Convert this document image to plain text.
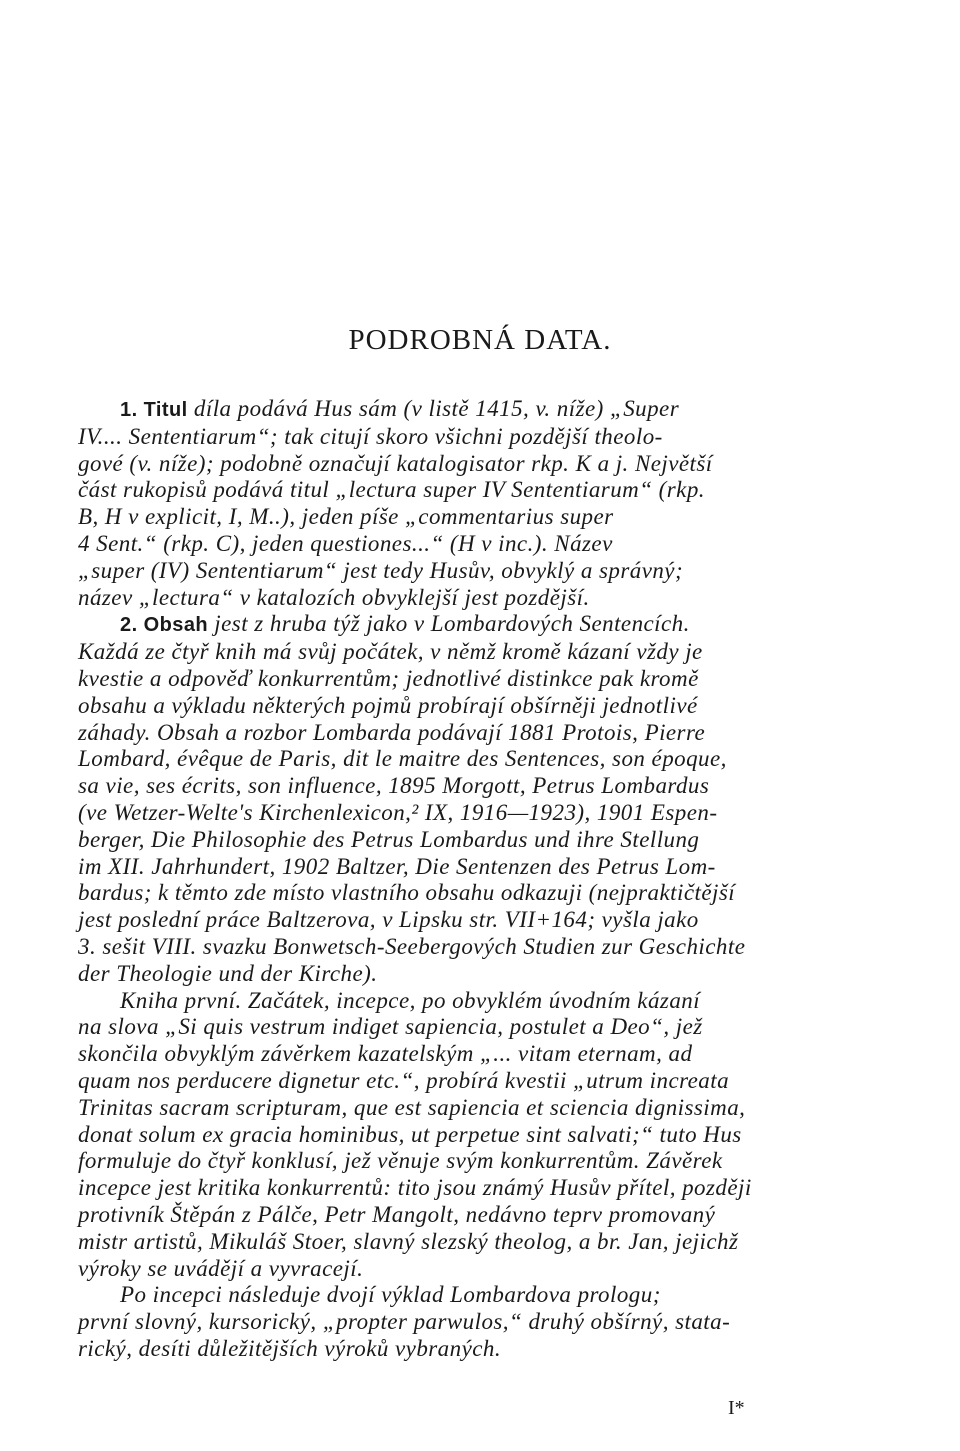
PODROBNÁ DATA.
1. Titul díla podává Hus sám (v listě 1415, v. níže) „Super
IV.... Sententiarum“; tak citují skoro všichni pozdější theolo-
gové (v. níže); podobně označují katalogisator rkp. K a j. Největší
část rukopisů podává titul „lectura super IV Sententiarum“ (rkp.
B, H v explicit, I, M..), jeden píše „commentarius super
4 Sent.“ (rkp. C), jeden questiones...“ (H v inc.). Název
„super (IV) Sententiarum“ jest tedy Husův, obvyklý a správný;
název „lectura“ v katalozích obvyklejší jest pozdější.
2. Obsah jest z hruba týž jako v Lombardových Sentencích.
Každá ze čtyř knih má svůj počátek, v němž kromě kázaní vždy je
kvestie a odpověď konkurrentům; jednotlivé distinkce pak kromě
obsahu a výkladu některých pojmů probírají obšírněji jednotlivé
záhady. Obsah a rozbor Lombarda podávají 1881 Protois, Pierre
Lombard, évêque de Paris, dit le maitre des Sentences, son époque,
sa vie, ses écrits, son influence, 1895 Morgott, Petrus Lombardus
(ve Wetzer-Welte's Kirchenlexicon,² IX, 1916—1923), 1901 Espen-
berger, Die Philosophie des Petrus Lombardus und ihre Stellung
im XII. Jahrhundert, 1902 Baltzer, Die Sentenzen des Petrus Lom-
bardus; k těmto zde místo vlastního obsahu odkazuji (nejpraktičtější
jest poslední práce Baltzerova, v Lipsku str. VII+164; vyšla jako
3. sešit VIII. svazku Bonwetsch-Seebergových Studien zur Geschichte
der Theologie und der Kirche).
Kniha první. Začátek, incepce, po obvyklém úvodním kázaní
na slova „Si quis vestrum indiget sapiencia, postulet a Deo“, jež
skončila obvyklým závěrkem kazatelským „... vitam eternam, ad
quam nos perducere dignetur etc.“, probírá kvestii „utrum increata
Trinitas sacram scripturam, que est sapiencia et sciencia dignissima,
donat solum ex gracia hominibus, ut perpetue sint salvati;“ tuto Hus
formuluje do čtyř konklusí, jež věnuje svým konkurrentům. Závěrek
incepce jest kritika konkurrentů: tito jsou známý Husův přítel, později
protivník Štěpán z Pálče, Petr Mangolt, nedávno teprv promovaný
mistr artistů, Mikuláš Stoer, slavný slezský theolog, a br. Jan, jejichž
výroky se uvádějí a vyvracejí.
Po incepci následuje dvojí výklad Lombardova prologu;
první slovný, kursorický, „propter parwulos,“ druhý obšírný, stata-
rický, desíti důležitějších výroků vybraných.
I*
